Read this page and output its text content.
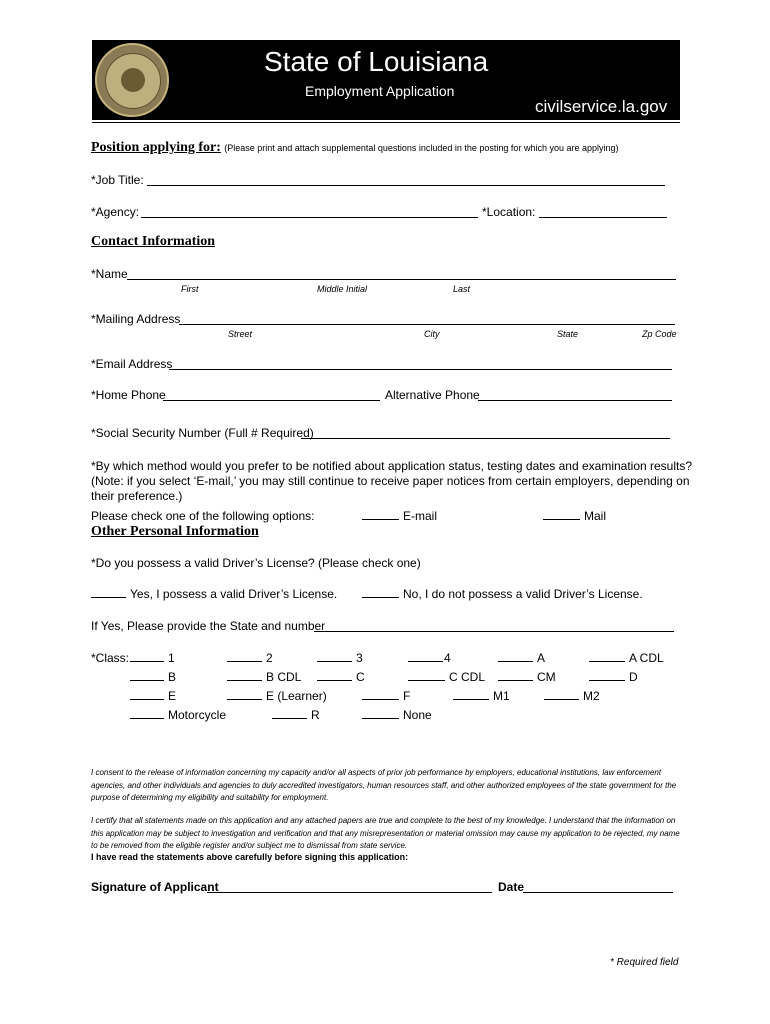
State of Louisiana
Employment Application
civilservice.la.gov
Position applying for: (Please print and attach supplemental questions included in the posting for which you are applying)
*Job Title:
*Agency:	*Location:
Contact Information
*Name
First	Middle Initial	Last
*Mailing Address
Street	City	State	Zp Code
*Email Address
*Home Phone	Alternative Phone
*Social Security Number (Full # Required)
*By which method would you prefer to be notified about application status, testing dates and examination results?
(Note: if you select ‘E-mail,’ you may still continue to receive paper notices from certain employers, depending on
their preference.)
Please check one of the following options:	E-mail	Mail
Other Personal Information
*Do you possess a valid Driver’s License? (Please check one)
Yes, I possess a valid Driver’s License.	No, I do not possess a valid Driver’s License.
If Yes, Please provide the State and number
*Class:	1	2	3	4	A	A CDL
B	B CDL	C	C CDL	CM	D
E	E (Learner)	F	M1	M2
Motorcycle	R	None
I consent to the release of information concerning my capacity and/or all aspects of prior job performance by employers, educational institutions, law enforcement agencies, and other individuals and agencies to duly accredited investigators, human resources staff, and other authorized employees of the state government for the purpose of determining my eligibility and suitability for employment.
I certify that all statements made on this application and any attached papers are true and complete to the best of my knowledge. I understand that the information on this application may be subject to investigation and verification and that any misrepresentation or material omission may cause my application to be rejected, my name to be removed from the eligible register and/or subject me to dismissal from state service.
I have read the statements above carefully before signing this application:
Signature of Applicant	Date
* Required field
